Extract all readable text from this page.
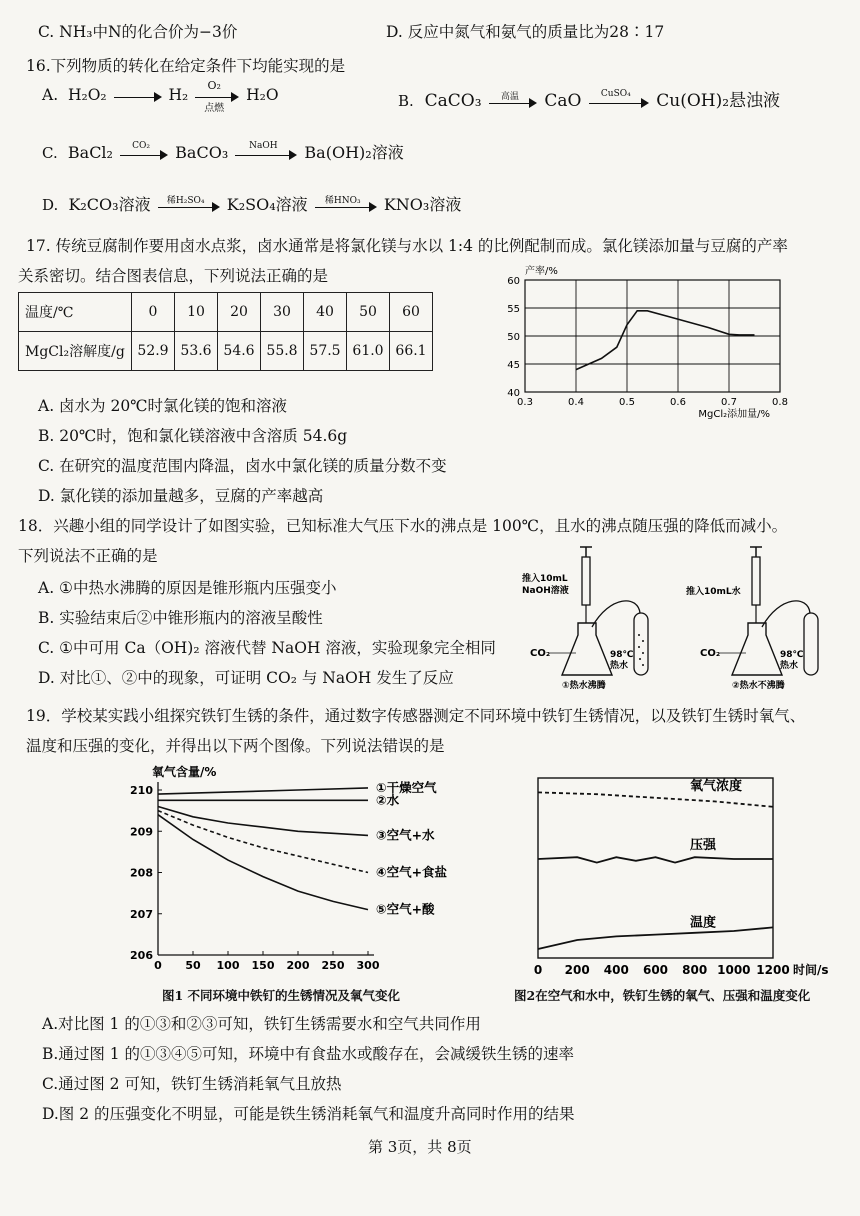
C. NH₃中N的化合价为−3价	D. 反应中氮气和氨气的质量比为28∶17
16.下列物质的转化在给定条件下均能实现的是
A. H₂O₂	H₂
O₂
点燃
H₂O	B. CaCO₃	高温	CaO	CuSO₄	Cu(OH)₂悬浊液
C. BaCl₂	CO₂	BaCO₃	NaOH	Ba(OH)₂溶液
D. K₂CO₃溶液	稀H₂SO₄	K₂SO₄溶液	稀HNO₃	KNO₃溶液
17. 传统豆腐制作要用卤水点浆，卤水通常是将氯化镁与水以 1:4 的比例配制而成。氯化镁添加量与豆腐的产率
关系密切。结合图表信息，下列说法正确的是
温度/℃	0	10	20	30	40	50	60
MgCl₂溶解度/g	52.9	53.6	54.6	55.8	57.5	61.0	66.1
0.3	0.4	0.5	0.6	0.7	0.8
40
45
50
55
60
产率/%
MgCl₂添加量/%
A. 卤水为 20℃时氯化镁的饱和溶液
B. 20℃时，饱和氯化镁溶液中含溶质 54.6g
C. 在研究的温度范围内降温，卤水中氯化镁的质量分数不变
D. 氯化镁的添加量越多，豆腐的产率越高
18．兴趣小组的同学设计了如图实验，已知标准大气压下水的沸点是 100℃，且水的沸点随压强的降低而减小。
下列说法不正确的是
A. ①中热水沸腾的原因是锥形瓶内压强变小
B. 实验结束后②中锥形瓶内的溶液呈酸性
C. ①中可用 Ca（OH)₂ 溶液代替 NaOH 溶液，实验现象完全相同
D. 对比①、②中的现象，可证明 CO₂ 与 NaOH 发生了反应
推入10mL
NaOH溶液
CO₂	98℃
热水
①热水沸腾
推入10mL水
CO₂	98℃
热水
②热水不沸腾
19．学校某实践小组探究铁钉生锈的条件，通过数字传感器测定不同环境中铁钉生锈情况，以及铁钉生锈时氧气、
温度和压强的变化，并得出以下两个图像。下列说法错误的是
0 50 100 150 200 250 300
206
207
208
209
210
氧气含量/%
①干燥空气
②水
③空气+水
④空气+食盐
⑤空气+酸
图1 不同环境中铁钉的生锈情况及氧气变化
0 200 400 600 800 1000 1200 时间/s
氧气浓度
压强
温度
图2在空气和水中，铁钉生锈的氧气、压强和温度变化
A.对比图 1 的①③和②③可知，铁钉生锈需要水和空气共同作用
B.通过图 1 的①③④⑤可知，环境中有食盐水或酸存在，会减缓铁生锈的速率
C.通过图 2 可知，铁钉生锈消耗氧气且放热
D.图 2 的压强变化不明显，可能是铁生锈消耗氧气和温度升高同时作用的结果
第 3页，共 8页
